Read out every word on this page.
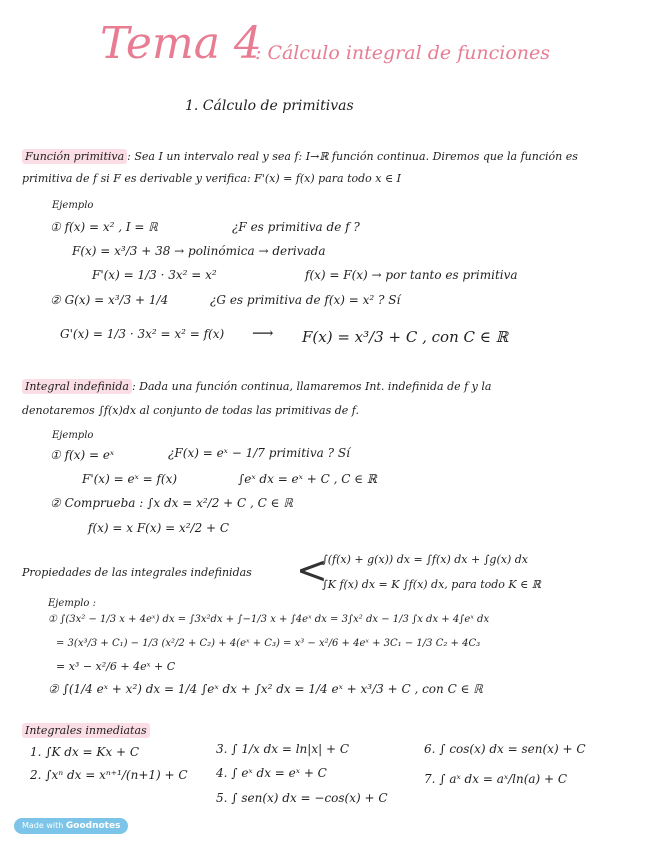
Tema 4
: Cálculo integral de funciones
1. Cálculo de primitivas
Función primitiva : Sea I un intervalo real y sea f: I→ℝ función continua. Diremos que la función es
primitiva de f si F es derivable y verifica: F'(x) = f(x) para todo x ∈ I
Ejemplo
① f(x) = x² , I = ℝ	¿F es primitiva de f ?
F(x) = x³/3 + 38 → polinómica → derivada
F'(x) = 1/3 · 3x² = x²	f(x) = F(x) → por tanto es primitiva
② G(x) = x³/3 + 1/4	¿G es primitiva de f(x) = x² ? Sí
G'(x) = 1/3 · 3x² = x² = f(x) ⟶ F(x) = x³/3 + C , con C ∈ ℝ
Integral indefinida : Dada una función continua, llamaremos Int. indefinida de f y la
denotaremos ∫f(x)dx al conjunto de todas las primitivas de f.
Ejemplo
① f(x) = eˣ	¿F(x) = eˣ − 1/7 primitiva ? Sí
F'(x) = eˣ = f(x)	∫eˣ dx = eˣ + C , C ∈ ℝ
② Comprueba : ∫x dx = x²/2 + C , C ∈ ℝ
f(x) = x F(x) = x²/2 + C
Propiedades de las integrales indefinidas <
∫(f(x) + g(x)) dx = ∫f(x) dx + ∫g(x) dx
∫K f(x) dx = K ∫f(x) dx, para todo K ∈ ℝ
Ejemplo :
① ∫(3x² − 1/3 x + 4eˣ) dx = ∫3x²dx + ∫−1/3 x + ∫4eˣ dx = 3∫x² dx − 1/3 ∫x dx + 4∫eˣ dx
= 3(x³/3 + C₁) − 1/3 (x²/2 + C₂) + 4(eˣ + C₃) = x³ − x²/6 + 4eˣ + 3C₁ − 1/3 C₂ + 4C₃
= x³ − x²/6 + 4eˣ + C
② ∫(1/4 eˣ + x²) dx = 1/4 ∫eˣ dx + ∫x² dx = 1/4 eˣ + x³/3 + C , con C ∈ ℝ
Integrales inmediatas
1. ∫K dx = Kx + C
2. ∫xⁿ dx = xⁿ⁺¹/(n+1) + C
3. ∫ 1/x dx = ln|x| + C
4. ∫ eˣ dx = eˣ + C
5. ∫ sen(x) dx = −cos(x) + C
6. ∫ cos(x) dx = sen(x) + C
7. ∫ aˣ dx = aˣ/ln(a) + C
Made with Goodnotes
